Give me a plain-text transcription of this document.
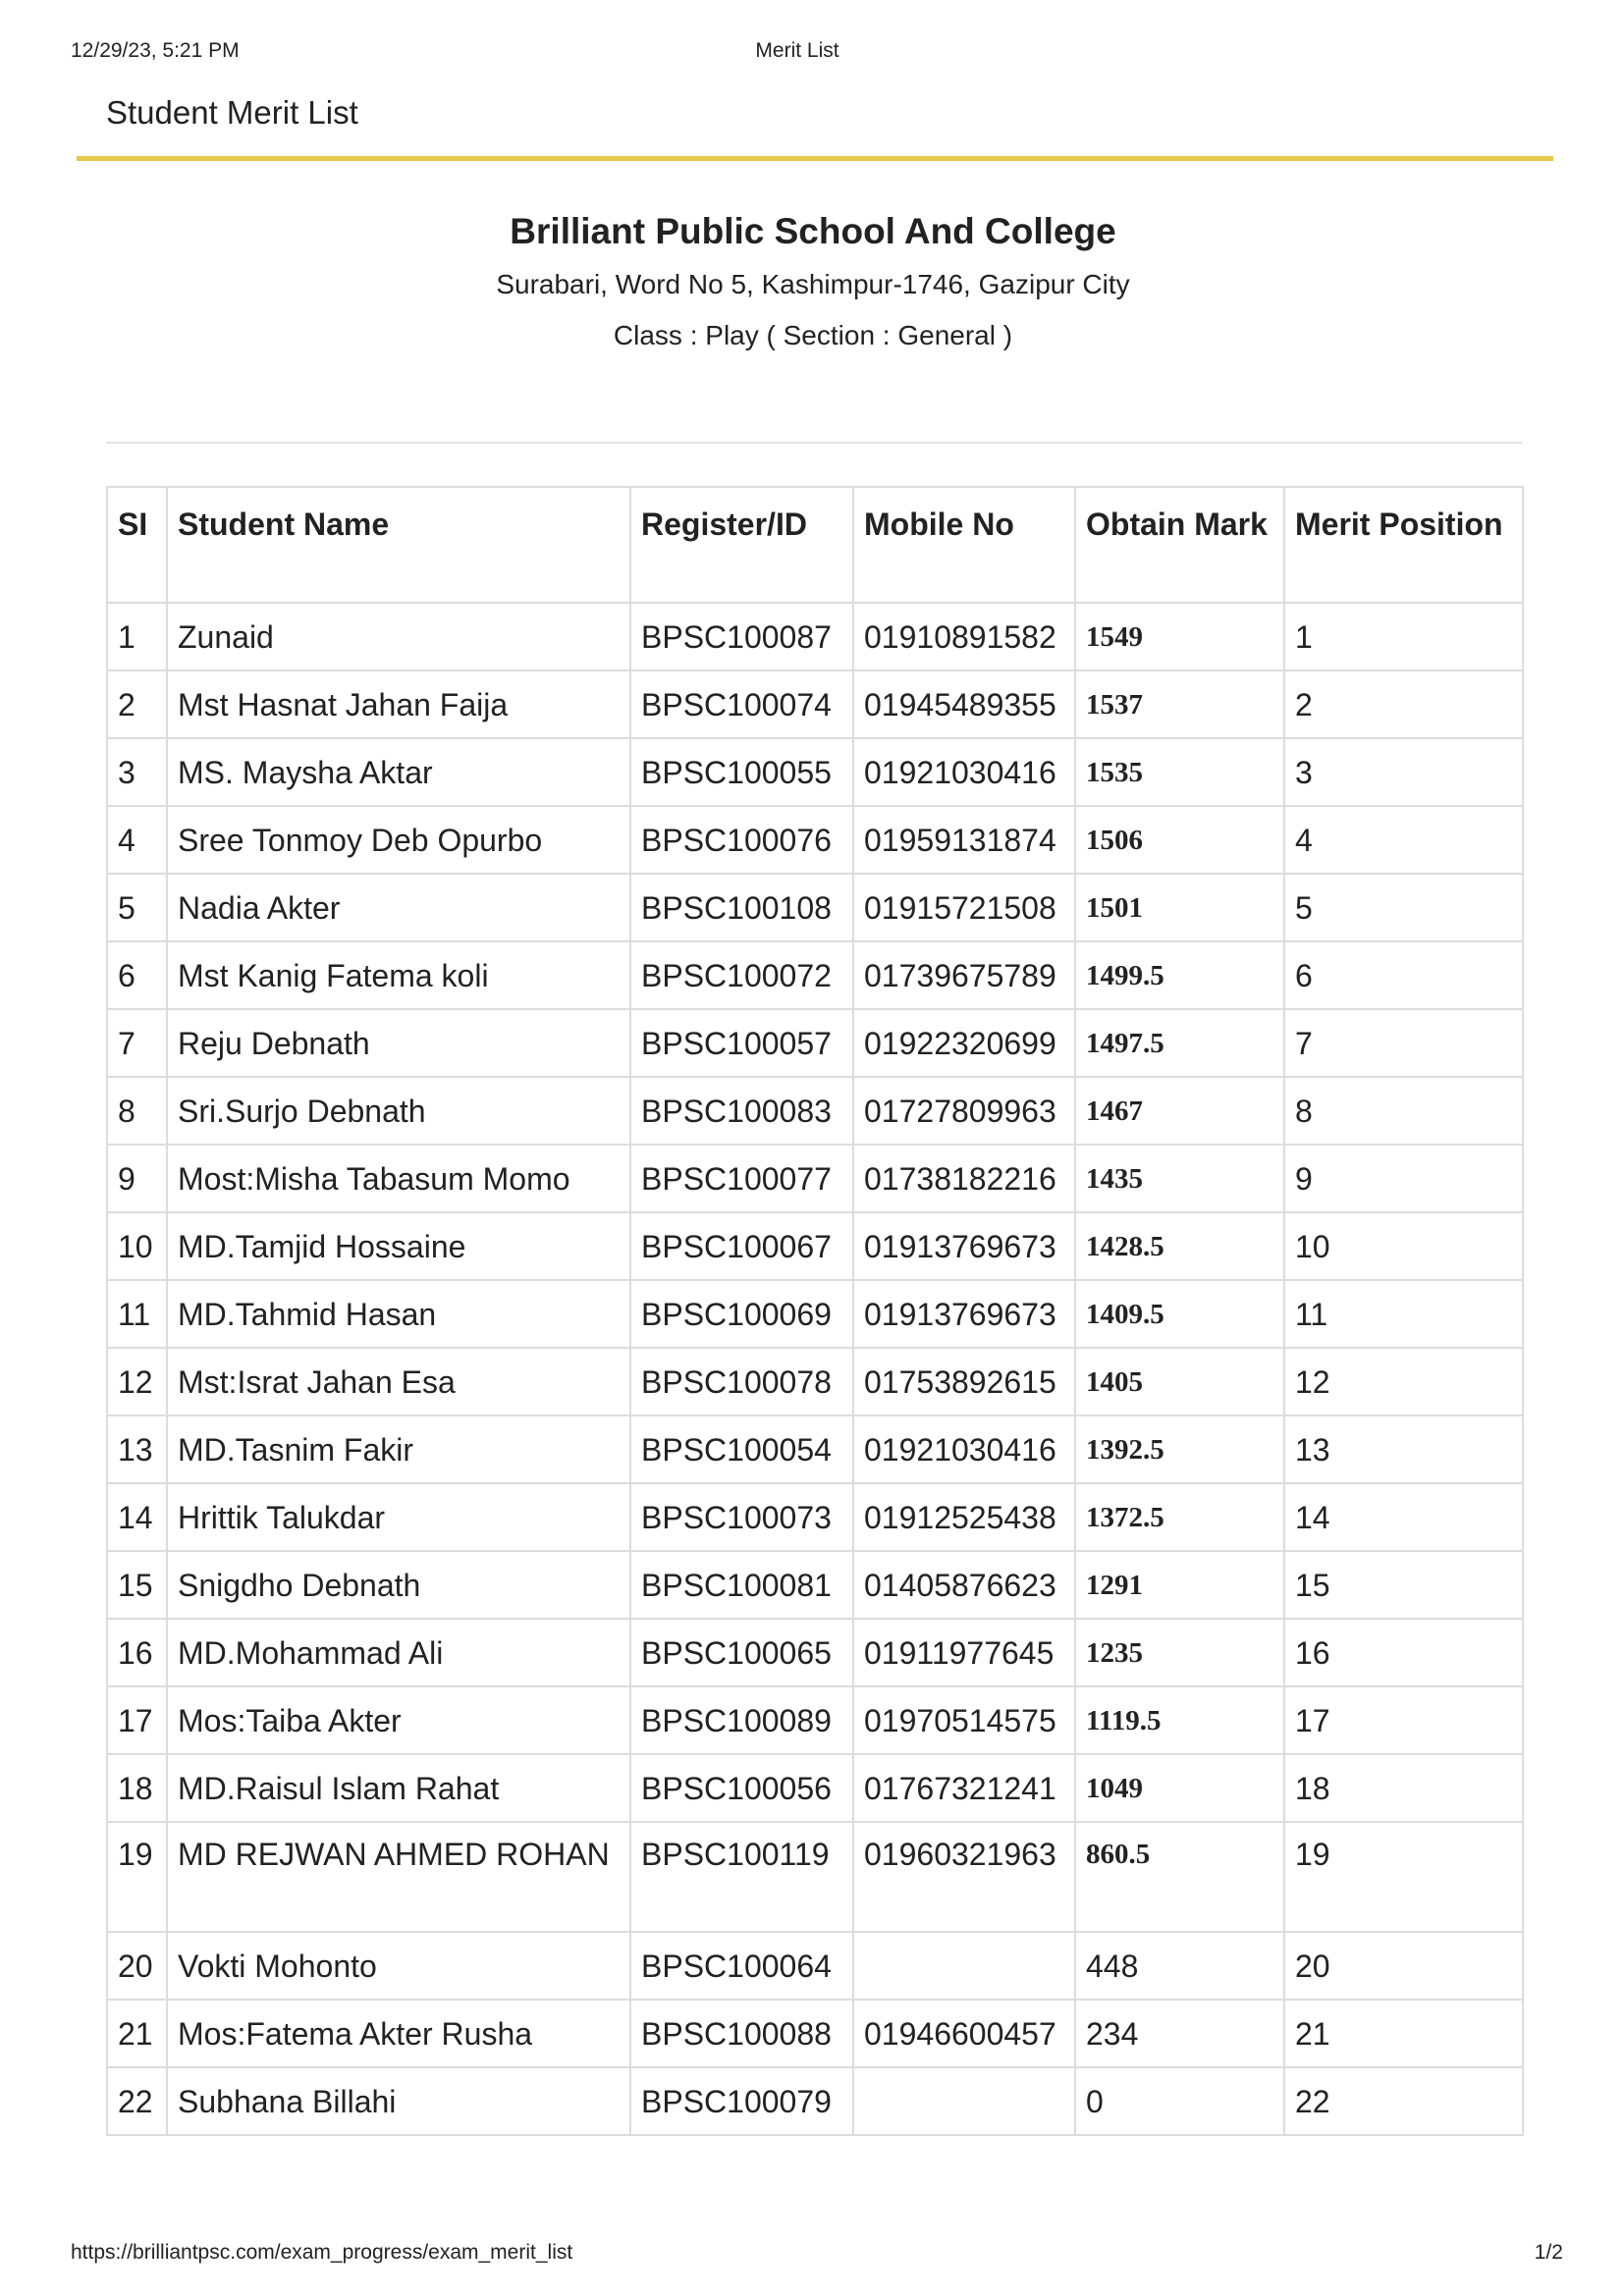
12/29/23, 5:21 PM	Merit List
Student Merit List
Brilliant Public School And College
Surabari, Word No 5, Kashimpur-1746, Gazipur City
Class : Play ( Section : General )
SI	Student Name	Register/ID	Mobile No	Obtain Mark	Merit Position
1	Zunaid	BPSC100087	01910891582	1549	1
2	Mst Hasnat Jahan Faija	BPSC100074	01945489355	1537	2
3	MS. Maysha Aktar	BPSC100055	01921030416	1535	3
4	Sree Tonmoy Deb Opurbo	BPSC100076	01959131874	1506	4
5	Nadia Akter	BPSC100108	01915721508	1501	5
6	Mst Kanig Fatema koli	BPSC100072	01739675789	1499.5	6
7	Reju Debnath	BPSC100057	01922320699	1497.5	7
8	Sri.Surjo Debnath	BPSC100083	01727809963	1467	8
9	Most:Misha Tabasum Momo	BPSC100077	01738182216	1435	9
10	MD.Tamjid Hossaine	BPSC100067	01913769673	1428.5	10
11	MD.Tahmid Hasan	BPSC100069	01913769673	1409.5	11
12	Mst:Israt Jahan Esa	BPSC100078	01753892615	1405	12
13	MD.Tasnim Fakir	BPSC100054	01921030416	1392.5	13
14	Hrittik Talukdar	BPSC100073	01912525438	1372.5	14
15	Snigdho Debnath	BPSC100081	01405876623	1291	15
16	MD.Mohammad Ali	BPSC100065	01911977645	1235	16
17	Mos:Taiba Akter	BPSC100089	01970514575	1119.5	17
18	MD.Raisul Islam Rahat	BPSC100056	01767321241	1049	18
19	MD REJWAN AHMED ROHAN	BPSC100119	01960321963	860.5	19
20	Vokti Mohonto	BPSC100064		448	20
21	Mos:Fatema Akter Rusha	BPSC100088	01946600457	234	21
22	Subhana Billahi	BPSC100079		0	22
https://brilliantpsc.com/exam_progress/exam_merit_list	1/2
